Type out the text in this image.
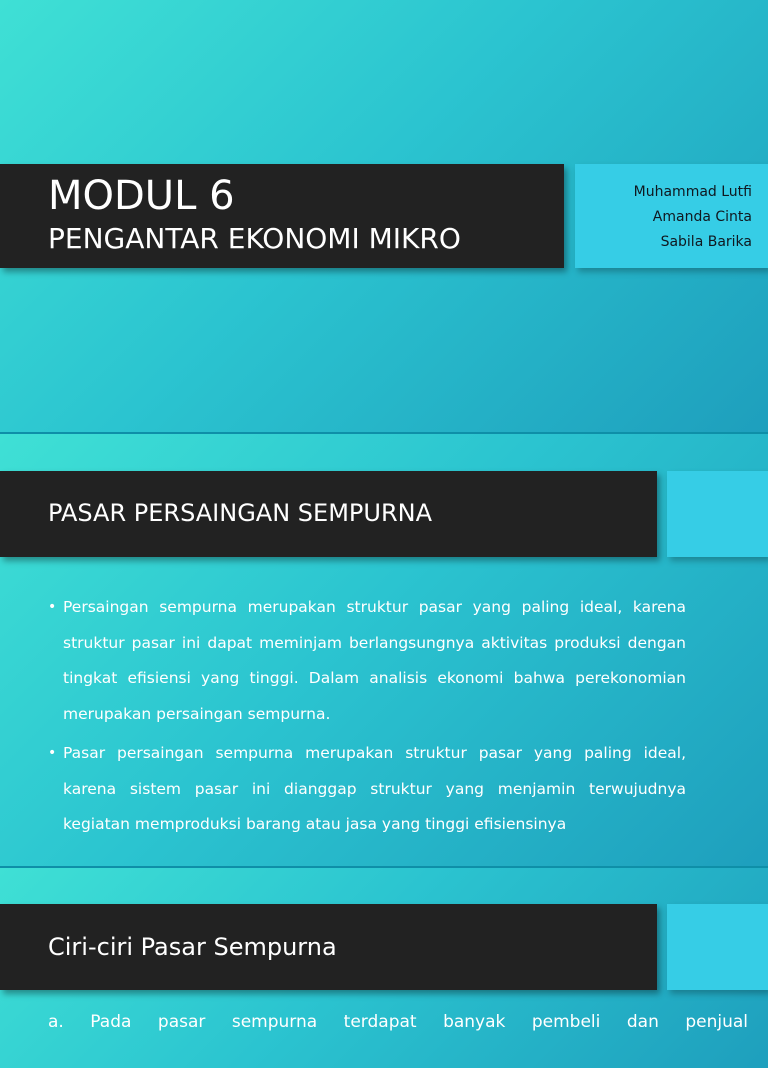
MODUL 6
PENGANTAR EKONOMI MIKRO
Muhammad Lutfi
Amanda Cinta
Sabila Barika
PASAR PERSAINGAN SEMPURNA
• Persaingan sempurna merupakan struktur pasar yang paling ideal, karena struktur pasar ini dapat meminjam berlangsungnya aktivitas produksi dengan tingkat efisiensi yang tinggi. Dalam analisis ekonomi bahwa perekonomian merupakan persaingan sempurna.
• Pasar persaingan sempurna merupakan struktur pasar yang paling ideal, karena sistem pasar ini dianggap struktur yang menjamin terwujudnya kegiatan memproduksi barang atau jasa yang tinggi efisiensinya
Ciri-ciri Pasar Sempurna
a. Pada pasar sempurna terdapat banyak pembeli dan penjual
